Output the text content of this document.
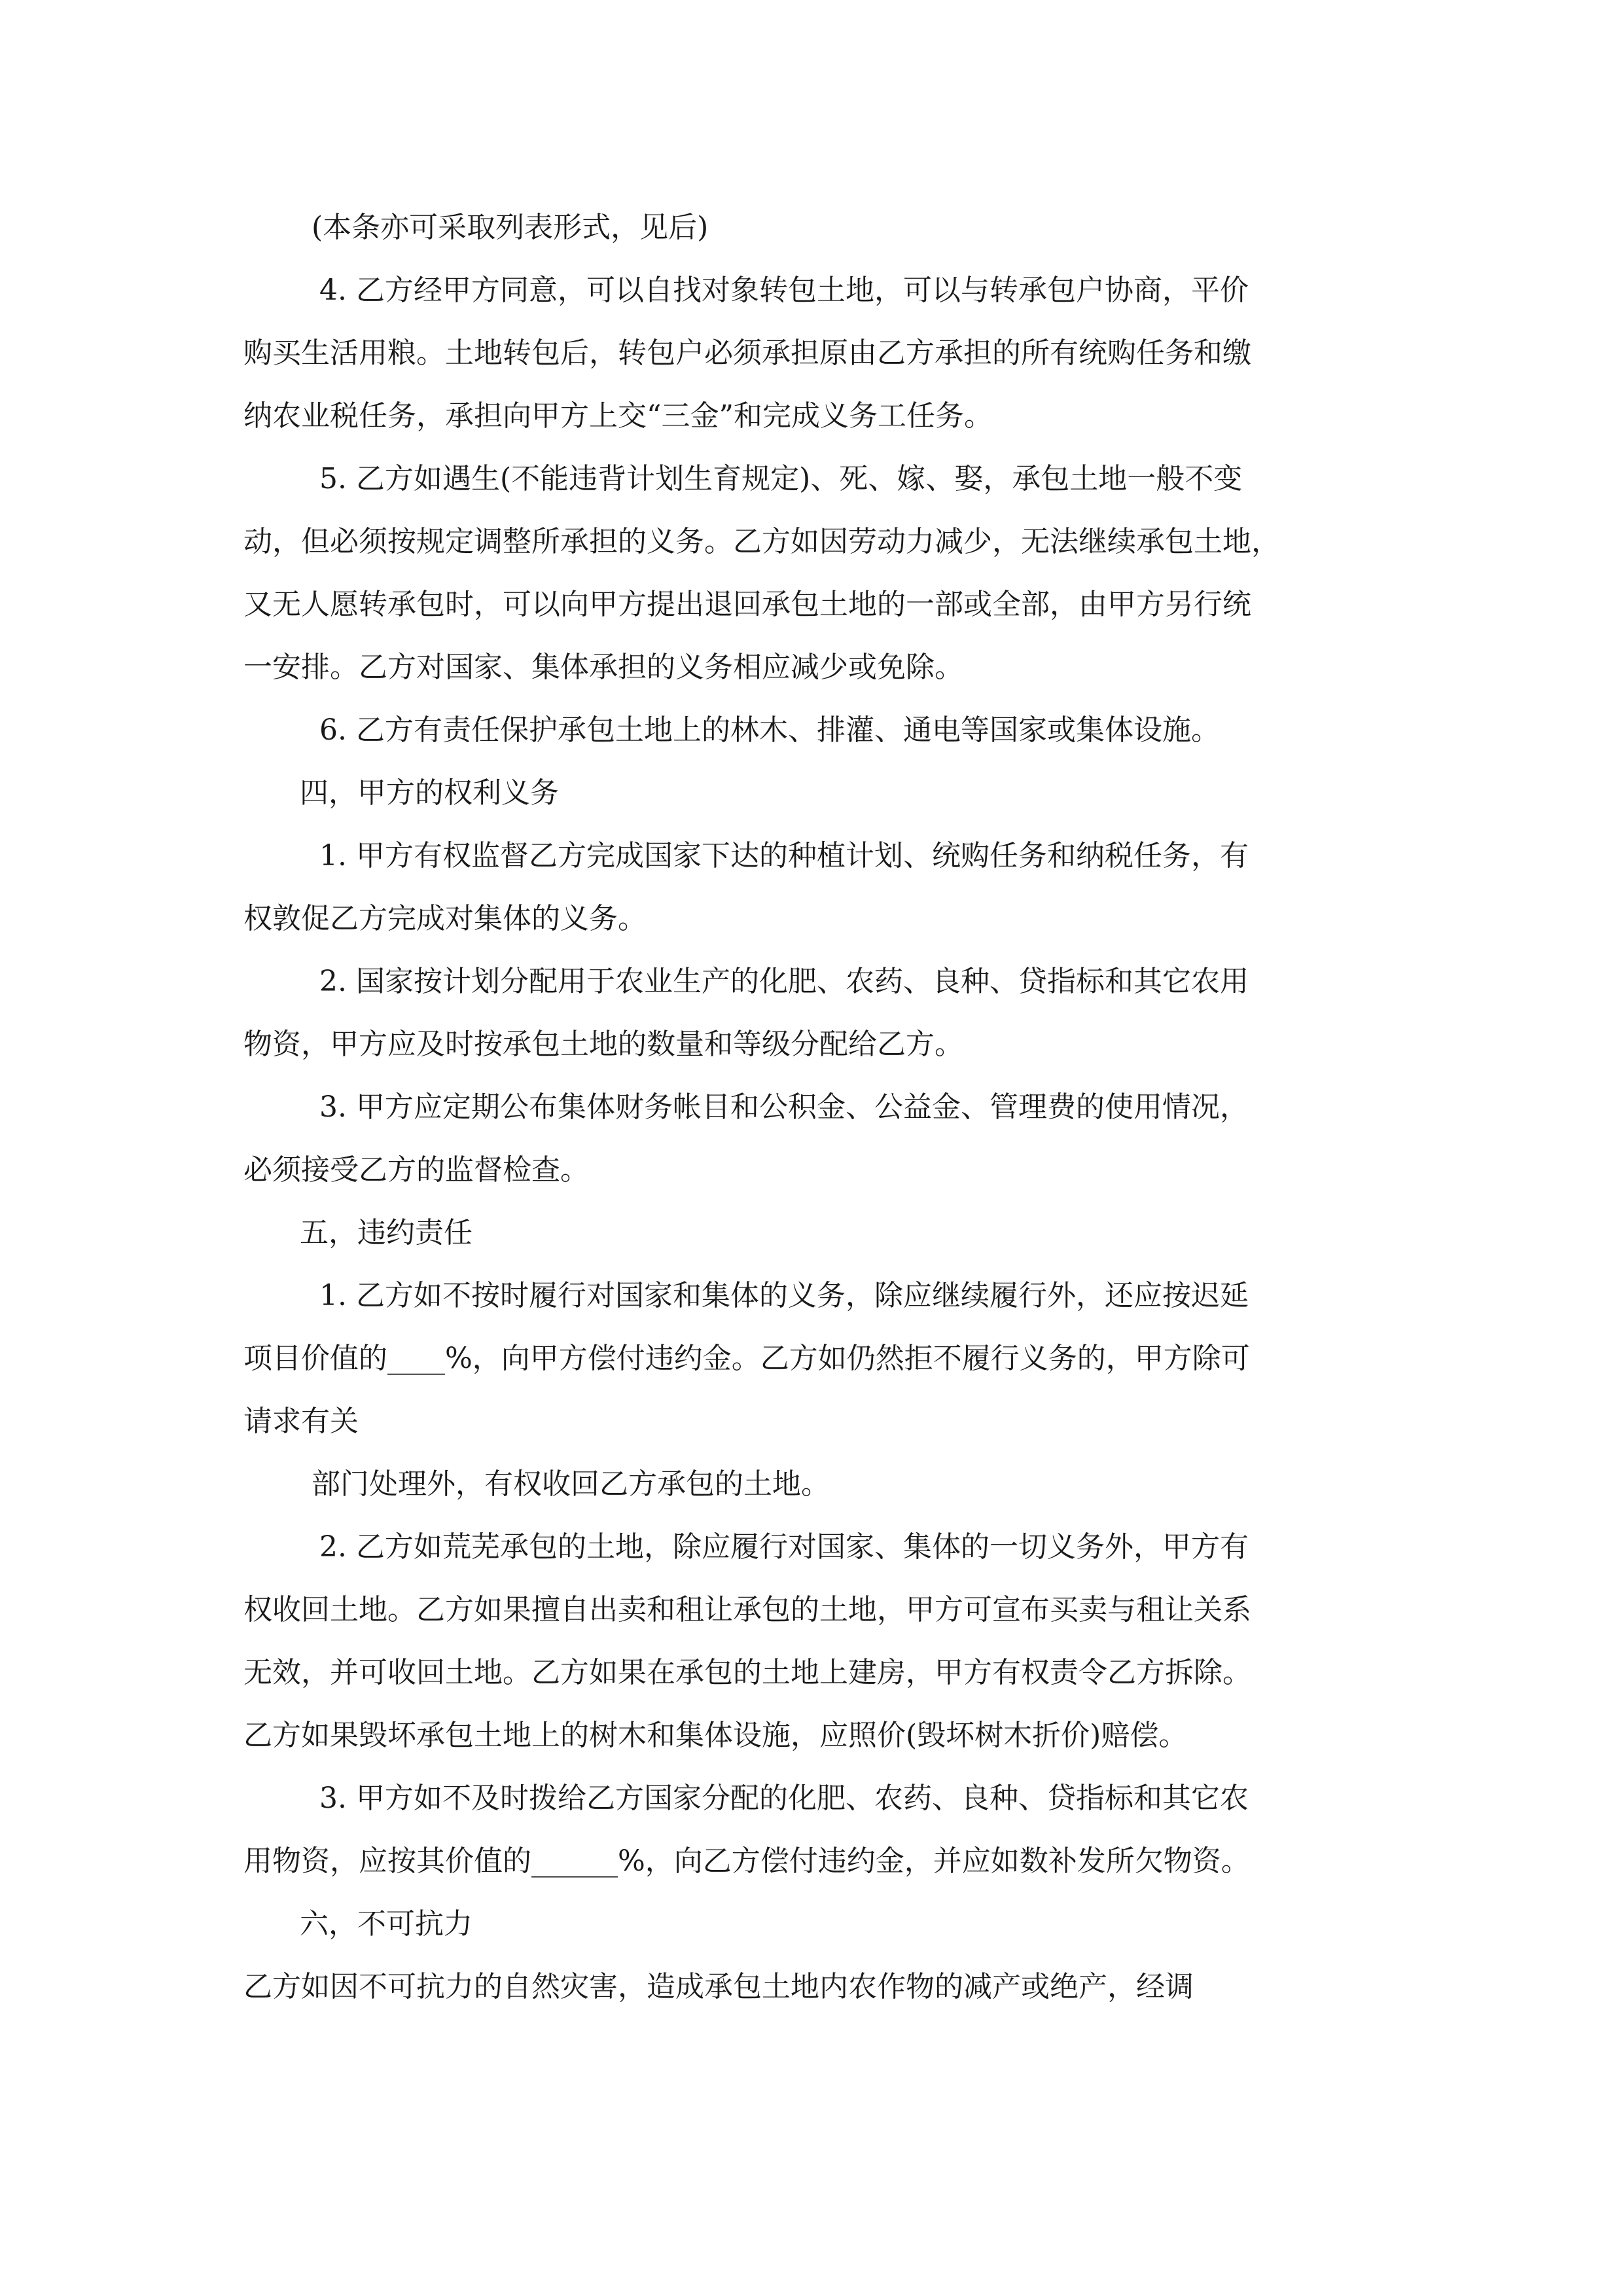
(本条亦可采取列表形式，见后)
4. 乙方经甲方同意，可以自找对象转包土地，可以与转承包户协商，平价
购买生活用粮。土地转包后，转包户必须承担原由乙方承担的所有统购任务和缴
纳农业税任务，承担向甲方上交“三金”和完成义务工任务。
5. 乙方如遇生(不能违背计划生育规定)、死、嫁、娶，承包土地一般不变
动，但必须按规定调整所承担的义务。乙方如因劳动力减少，无法继续承包土地，
又无人愿转承包时，可以向甲方提出退回承包土地的一部或全部，由甲方另行统
一安排。乙方对国家、集体承担的义务相应减少或免除。
6. 乙方有责任保护承包土地上的林木、排灌、通电等国家或集体设施。
四，甲方的权利义务
1. 甲方有权监督乙方完成国家下达的种植计划、统购任务和纳税任务，有
权敦促乙方完成对集体的义务。
2. 国家按计划分配用于农业生产的化肥、农药、良种、贷指标和其它农用
物资，甲方应及时按承包土地的数量和等级分配给乙方。
3. 甲方应定期公布集体财务帐目和公积金、公益金、管理费的使用情况，
必须接受乙方的监督检查。
五，违约责任
1. 乙方如不按时履行对国家和集体的义务，除应继续履行外，还应按迟延
项目价值的____%，向甲方偿付违约金。乙方如仍然拒不履行义务的，甲方除可
请求有关
部门处理外，有权收回乙方承包的土地。
2. 乙方如荒芜承包的土地，除应履行对国家、集体的一切义务外，甲方有
权收回土地。乙方如果擅自出卖和租让承包的土地，甲方可宣布买卖与租让关系
无效，并可收回土地。乙方如果在承包的土地上建房，甲方有权责令乙方拆除。
乙方如果毁坏承包土地上的树木和集体设施，应照价(毁坏树木折价)赔偿。
3. 甲方如不及时拨给乙方国家分配的化肥、农药、良种、贷指标和其它农
用物资，应按其价值的______%，向乙方偿付违约金，并应如数补发所欠物资。
六，不可抗力
乙方如因不可抗力的自然灾害，造成承包土地内农作物的减产或绝产，经调
